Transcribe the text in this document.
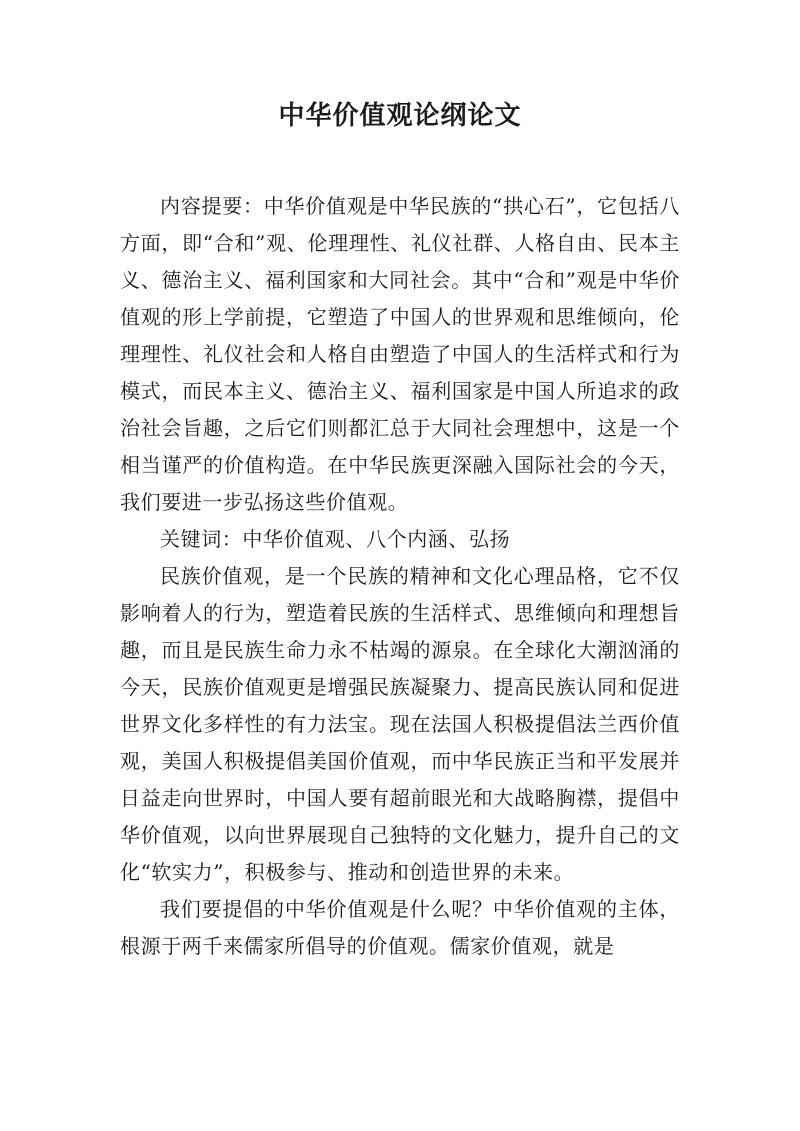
中华价值观论纲论文

内容提要：中华价值观是中华民族的“拱心石”，它包括八方面，即“合和”观、伦理理性、礼仪社群、人格自由、民本主义、德治主义、福利国家和大同社会。其中“合和”观是中华价值观的形上学前提，它塑造了中国人的世界观和思维倾向，伦理理性、礼仪社会和人格自由塑造了中国人的生活样式和行为模式，而民本主义、德治主义、福利国家是中国人所追求的政治社会旨趣，之后它们则都汇总于大同社会理想中，这是一个相当谨严的价值构造。在中华民族更深融入国际社会的今天，我们要进一步弘扬这些价值观。

关键词：中华价值观、八个内涵、弘扬

民族价值观，是一个民族的精神和文化心理品格，它不仅影响着人的行为，塑造着民族的生活样式、思维倾向和理想旨趣，而且是民族生命力永不枯竭的源泉。在全球化大潮汹涌的今天，民族价值观更是增强民族凝聚力、提高民族认同和促进世界文化多样性的有力法宝。现在法国人积极提倡法兰西价值观，美国人积极提倡美国价值观，而中华民族正当和平发展并日益走向世界时，中国人要有超前眼光和大战略胸襟，提倡中华价值观，以向世界展现自己独特的文化魅力，提升自己的文化“软实力”，积极参与、推动和创造世界的未来。

我们要提倡的中华价值观是什么呢？中华价值观的主体，根源于两千来儒家所倡导的价值观。儒家价值观，就是
